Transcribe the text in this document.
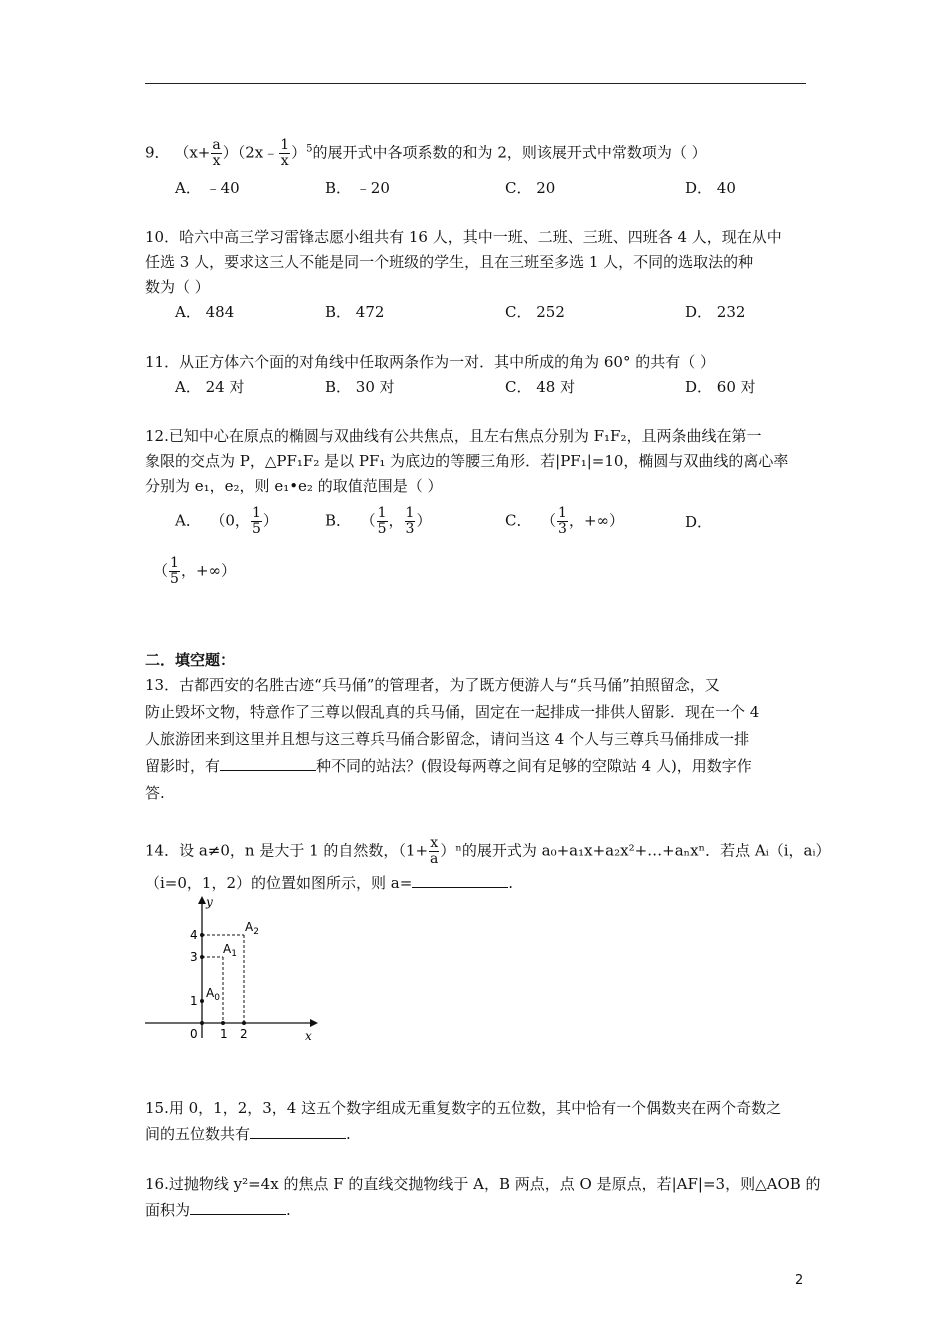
9． （$x+ \frac{a}{x}$ ）（2x﹣ $\frac{1}{x} )^5$的展开式中各项系数的和为 2，则该展开式中常数项为（ ）
A． ﹣40	B． ﹣20	C． 20	D． 40
10．哈六中高三学习雷锋志愿小组共有 16 人，其中一班、二班、三班、四班各 4 人，现在从中
任选 3 人，要求这三人不能是同一个班级的学生，且在三班至多选 1 人，不同的选取法的种
数为（ ）
A． 484	B． 472	C． 252	D． 232
11．从正方体六个面的对角线中任取两条作为一对．其中所成的角为 60° 的共有（ ）
A． 24 对	B． 30 对	C． 48 对	D． 60 对
12.已知中心在原点的椭圆与双曲线有公共焦点，且左右焦点分别为 F₁F₂，且两条曲线在第一
象限的交点为 P，△PF₁F₂ 是以 PF₁ 为底边的等腰三角形．若|PF₁|=10，椭圆与双曲线的离心率
分别为 e₁，e₂，则 e₁•e₂ 的取值范围是（ ）
A． （0， $\frac{1}{5}$ ）	B． （ $\frac{1}{5}$ ， $\frac{1}{3}$ ）	C． （ $\frac{1}{3}$ ，+∞）	D．
（ $\frac{1}{5}$ ，+∞）
二．填空题：
13．古都西安的名胜古迹“兵马俑”的管理者，为了既方便游人与“兵马俑”拍照留念，又
防止毁坏文物，特意作了三尊以假乱真的兵马俑，固定在一起排成一排供人留影．现在一个 4
人旅游团来到这里并且想与这三尊兵马俑合影留念，请问当这 4 个人与三尊兵马俑排成一排
留影时，有	种不同的站法？(假设每两尊之间有足够的空隙站 4 人)，用数字作
答.
14．设 a≠0，n 是大于 1 的自然数，$(1+ \frac{x}{a} )^n$的展开式为 a₀+a₁x+a₂x²+…+aₙxⁿ．若点 Aᵢ（i，aᵢ）
（i=0，1，2）的位置如图所示，则 a=	.
y
x
0 1 2
1
3
4
$A_0$
$A_1$
$A_2$
15.用 0，1，2，3，4 这五个数字组成无重复数字的五位数，其中恰有一个偶数夹在两个奇数之
间的五位数共有	.
16.过抛物线 y²=4x 的焦点 F 的直线交抛物线于 A，B 两点，点 O 是原点，若|AF|=3，则△AOB 的
面积为	.
2
